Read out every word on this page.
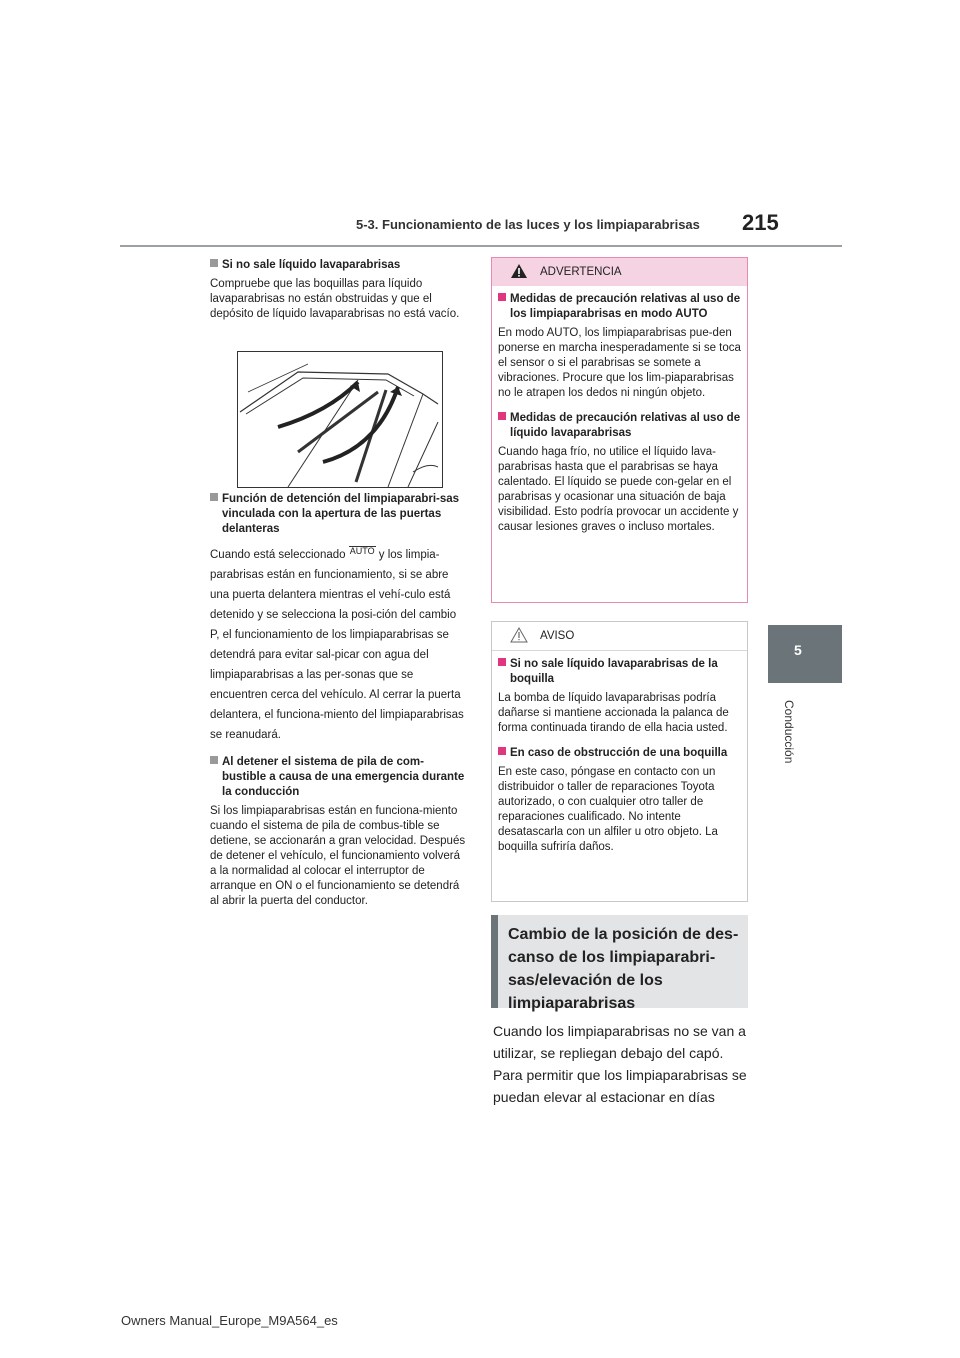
5-3. Funcionamiento de las luces y los limpiaparabrisas 215
5
Conducción
Si no sale líquido lavaparabrisas

Compruebe que las boquillas para líquido lavaparabrisas no están obstruidas y que el depósito de líquido lavaparabrisas no está vacío.

Función de detención del limpiaparabri-sas vinculada con la apertura de las puertas delanteras

Cuando está seleccionado AUTO y los limpia-parabrisas están en funcionamiento, si se abre una puerta delantera mientras el vehí-culo está detenido y se selecciona la posi-ción del cambio P, el funcionamiento de los limpiaparabrisas se detendrá para evitar sal-picar con agua del limpiaparabrisas a las per-sonas que se encuentren cerca del vehículo. Al cerrar la puerta delantera, el funciona-miento del limpiaparabrisas se reanudará.

Al detener el sistema de pila de com-bustible a causa de una emergencia durante la conducción

Si los limpiaparabrisas están en funciona-miento cuando el sistema de pila de combus-tible se detiene, se accionarán a gran velocidad. Después de detener el vehículo, el funcionamiento volverá a la normalidad al colocar el interruptor de arranque en ON o el funcionamiento se detendrá al abrir la puerta del conductor.

ADVERTENCIA
Medidas de precaución relativas al uso de los limpiaparabrisas en modo AUTO

En modo AUTO, los limpiaparabrisas pue-den ponerse en marcha inesperadamente si se toca el sensor o si el parabrisas se somete a vibraciones. Procure que los lim-piaparabrisas no le atrapen los dedos ni ningún objeto.

Medidas de precaución relativas al uso de líquido lavaparabrisas

Cuando haga frío, no utilice el líquido lava-parabrisas hasta que el parabrisas se haya calentado. El líquido se puede con-gelar en el parabrisas y ocasionar una situación de baja visibilidad. Esto podría provocar un accidente y causar lesiones graves o incluso mortales.

AVISO
Si no sale líquido lavaparabrisas de la boquilla

La bomba de líquido lavaparabrisas podría dañarse si mantiene accionada la palanca de forma continuada tirando de ella hacia usted.

En caso de obstrucción de una boquilla

En este caso, póngase en contacto con un distribuidor o taller de reparaciones Toyota autorizado, o con cualquier otro taller de reparaciones cualificado. No intente desatascarla con un alfiler u otro objeto. La boquilla sufriría daños.

Cambio de la posición de des-canso de los limpiaparabri-sas/elevación de los limpiaparabrisas
Cuando los limpiaparabrisas no se van a utilizar, se repliegan debajo del capó. Para permitir que los limpiaparabrisas se puedan elevar al estacionar en días
Owners Manual_Europe_M9A564_es
